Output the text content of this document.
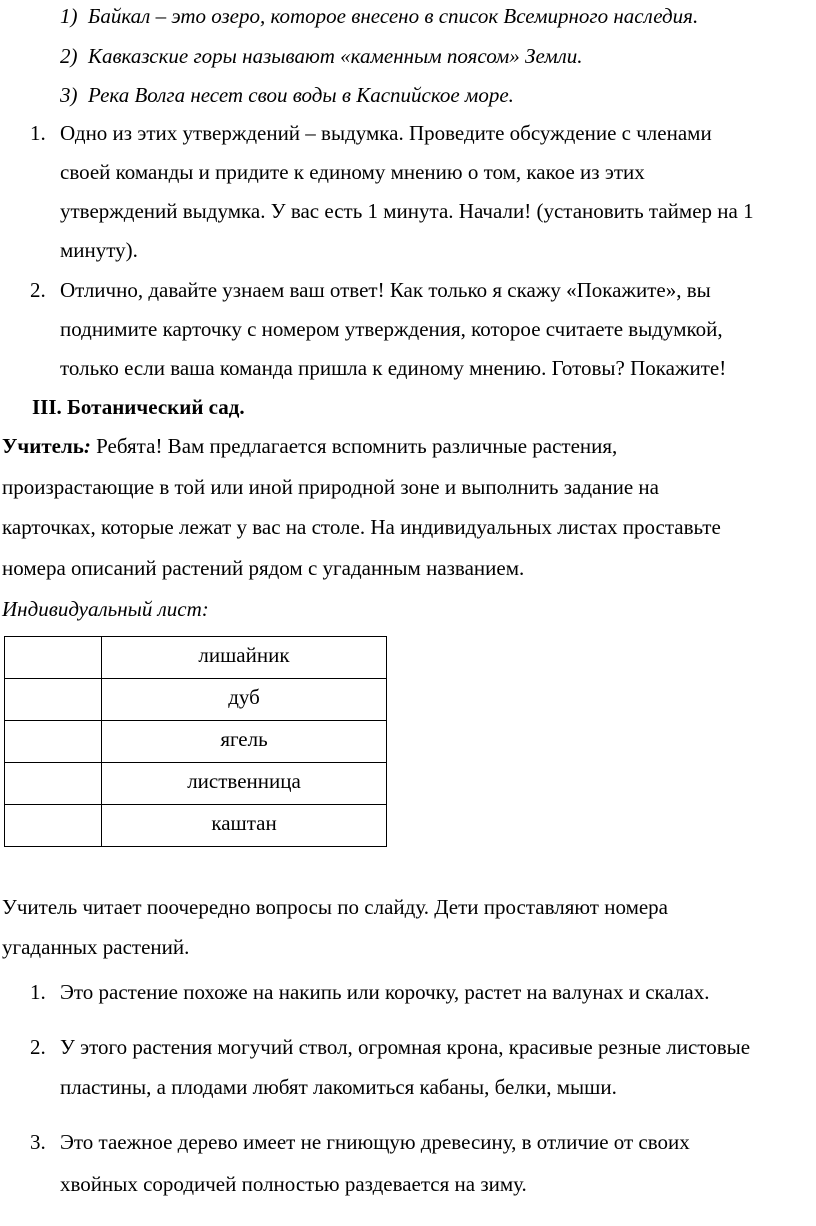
1) Байкал – это озеро, которое внесено в список Всемирного наследия.
2) Кавказские горы называют «каменным поясом» Земли.
3) Река Волга несет свои воды в Каспийское море.
1. Одно из этих утверждений – выдумка. Проведите обсуждение с членами
своей команды и придите к единому мнению о том, какое из этих
утверждений выдумка. У вас есть 1 минута. Начали! (установить таймер на 1
минуту).
2. Отлично, давайте узнаем ваш ответ! Как только я скажу «Покажите», вы
поднимите карточку с номером утверждения, которое считаете выдумкой,
только если ваша команда пришла к единому мнению. Готовы? Покажите!
III. Ботанический сад.
Учитель: Ребята! Вам предлагается вспомнить различные растения,
произрастающие в той или иной природной зоне и выполнить задание на
карточках, которые лежат у вас на столе. На индивидуальных листах проставьте
номера описаний растений рядом с угаданным названием.
Индивидуальный лист:
	лишайник
	дуб
	ягель
	лиственница
	каштан
Учитель читает поочередно вопросы по слайду. Дети проставляют номера
угаданных растений.
1. Это растение похоже на накипь или корочку, растет на валунах и скалах.
2. У этого растения могучий ствол, огромная крона, красивые резные листовые
пластины, а плодами любят лакомиться кабаны, белки, мыши.
3. Это таежное дерево имеет не гниющую древесину, в отличие от своих
хвойных сородичей полностью раздевается на зиму.
